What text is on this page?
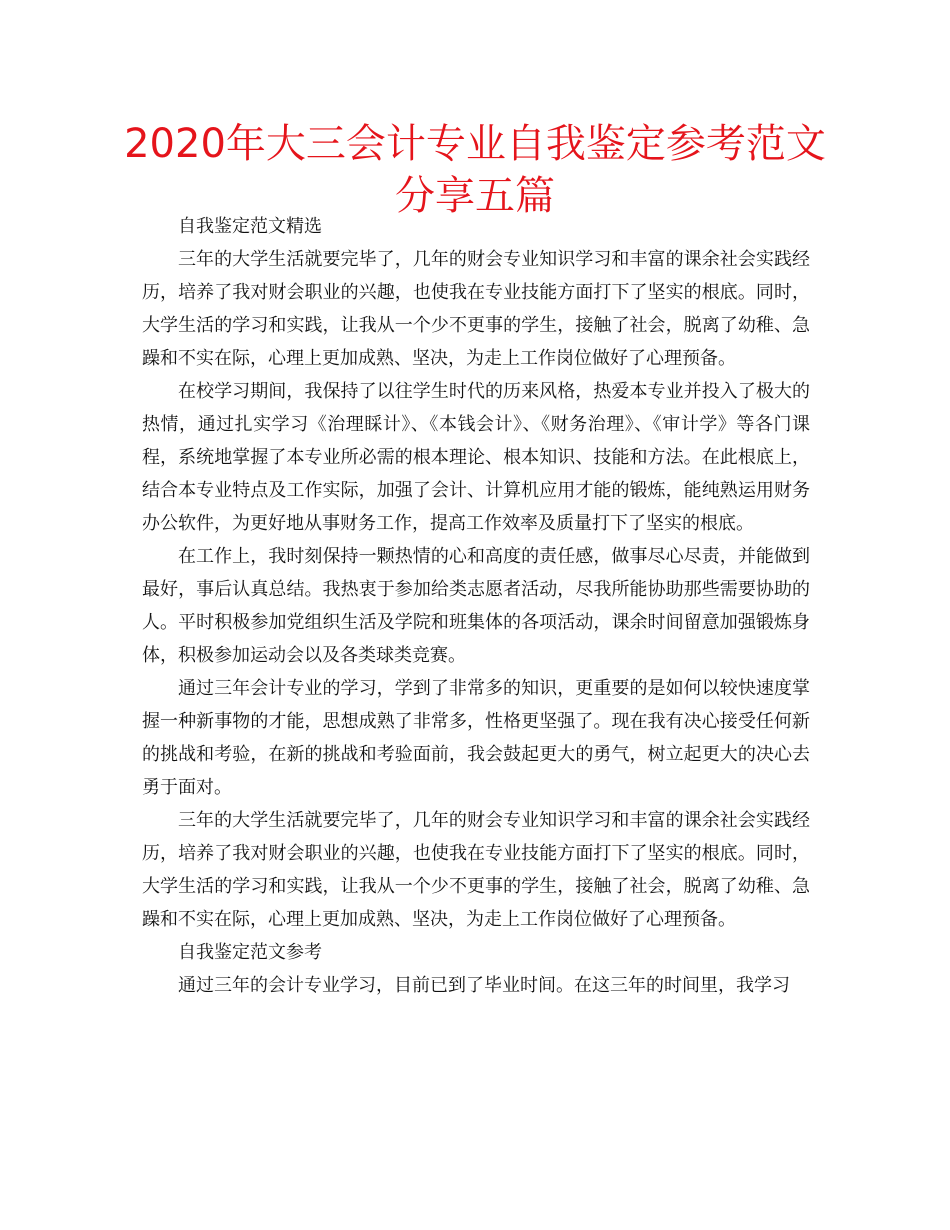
2020年大三会计专业自我鉴定参考范文分享五篇

自我鉴定范文精选

三年的大学生活就要完毕了，几年的财会专业知识学习和丰富的课余社会实践经历，培养了我对财会职业的兴趣，也使我在专业技能方面打下了坚实的根底。同时，大学生活的学习和实践，让我从一个少不更事的学生，接触了社会，脱离了幼稚、急躁和不实在际，心理上更加成熟、坚决，为走上工作岗位做好了心理预备。

在校学习期间，我保持了以往学生时代的历来风格，热爱本专业并投入了极大的热情，通过扎实学习《治理睬计》、《本钱会计》、《财务治理》、《审计学》等各门课程，系统地掌握了本专业所必需的根本理论、根本知识、技能和方法。在此根底上，结合本专业特点及工作实际，加强了会计、计算机应用才能的锻炼，能纯熟运用财务办公软件，为更好地从事财务工作，提高工作效率及质量打下了坚实的根底。

在工作上，我时刻保持一颗热情的心和高度的责任感，做事尽心尽责，并能做到最好，事后认真总结。我热衷于参加给类志愿者活动，尽我所能协助那些需要协助的人。平时积极参加党组织生活及学院和班集体的各项活动，课余时间留意加强锻炼身体，积极参加运动会以及各类球类竞赛。

通过三年会计专业的学习，学到了非常多的知识，更重要的是如何以较快速度掌握一种新事物的才能，思想成熟了非常多，性格更坚强了。现在我有决心接受任何新的挑战和考验，在新的挑战和考验面前，我会鼓起更大的勇气，树立起更大的决心去勇于面对。

三年的大学生活就要完毕了，几年的财会专业知识学习和丰富的课余社会实践经历，培养了我对财会职业的兴趣，也使我在专业技能方面打下了坚实的根底。同时，大学生活的学习和实践，让我从一个少不更事的学生，接触了社会，脱离了幼稚、急躁和不实在际，心理上更加成熟、坚决，为走上工作岗位做好了心理预备。

自我鉴定范文参考

通过三年的会计专业学习，目前已到了毕业时间。在这三年的时间里，我学习
